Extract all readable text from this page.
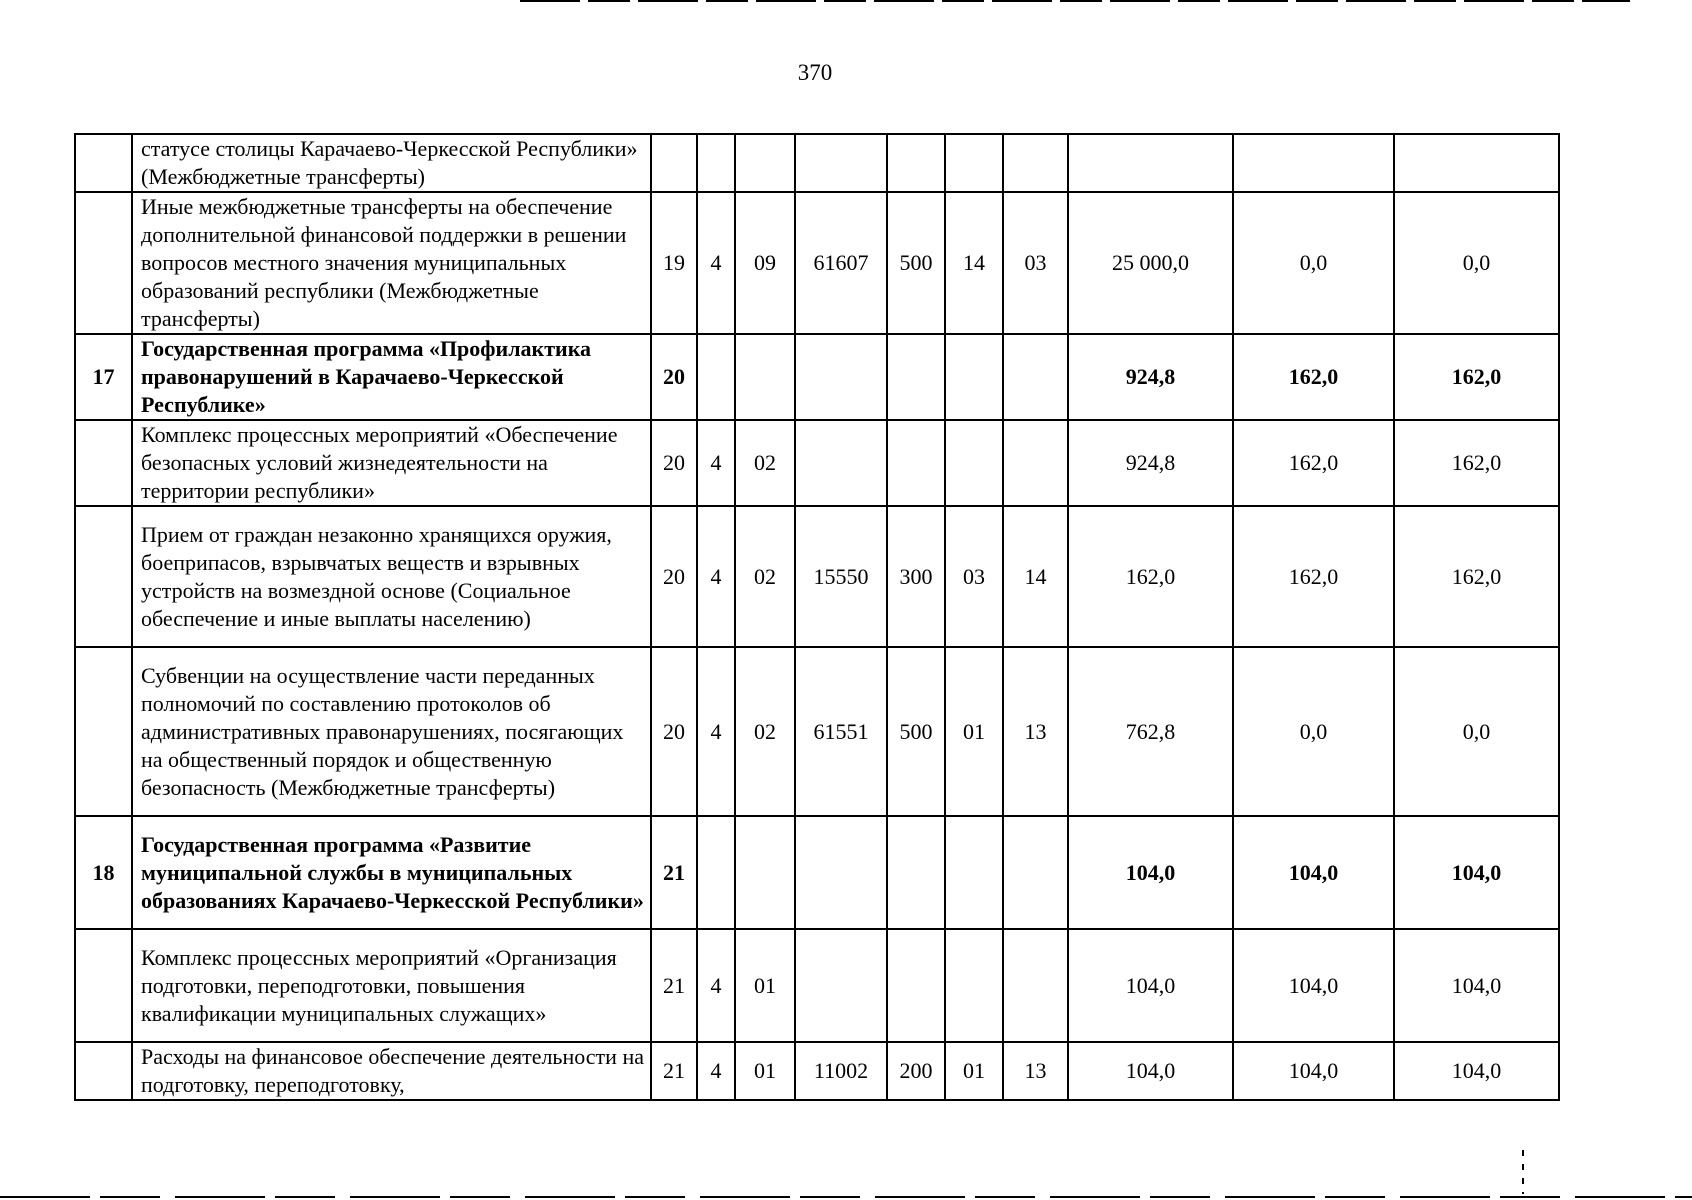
370
	статусе столицы Карачаево-Черкесской Республики» (Межбюджетные трансферты)										
	Иные межбюджетные трансферты на обеспечение дополнительной финансовой поддержки в решении вопросов местного значения муниципальных образований республики (Межбюджетные трансферты)	19	4	09	61607	500	14	03	25 000,0	0,0	0,0
17	Государственная программа «Профилактика правонарушений в Карачаево-Черкесской Республике»	20							924,8	162,0	162,0
	Комплекс процессных мероприятий «Обеспечение безопасных условий жизнедеятельности на территории республики»	20	4	02					924,8	162,0	162,0
	Прием от граждан незаконно хранящихся оружия, боеприпасов, взрывчатых веществ и взрывных устройств на возмездной основе (Социальное обеспечение и иные выплаты населению)	20	4	02	15550	300	03	14	162,0	162,0	162,0
	Субвенции на осуществление части переданных полномочий по составлению протоколов об административных правонарушениях, посягающих на общественный порядок и общественную безопасность (Межбюджетные трансферты)	20	4	02	61551	500	01	13	762,8	0,0	0,0
18	Государственная программа «Развитие муниципальной службы в муниципальных образованиях Карачаево-Черкесской Республики»	21							104,0	104,0	104,0
	Комплекс процессных мероприятий «Организация подготовки, переподготовки, повышения квалификации муниципальных служащих»	21	4	01					104,0	104,0	104,0
	Расходы на финансовое обеспечение деятельности на подготовку, переподготовку,	21	4	01	11002	200	01	13	104,0	104,0	104,0
